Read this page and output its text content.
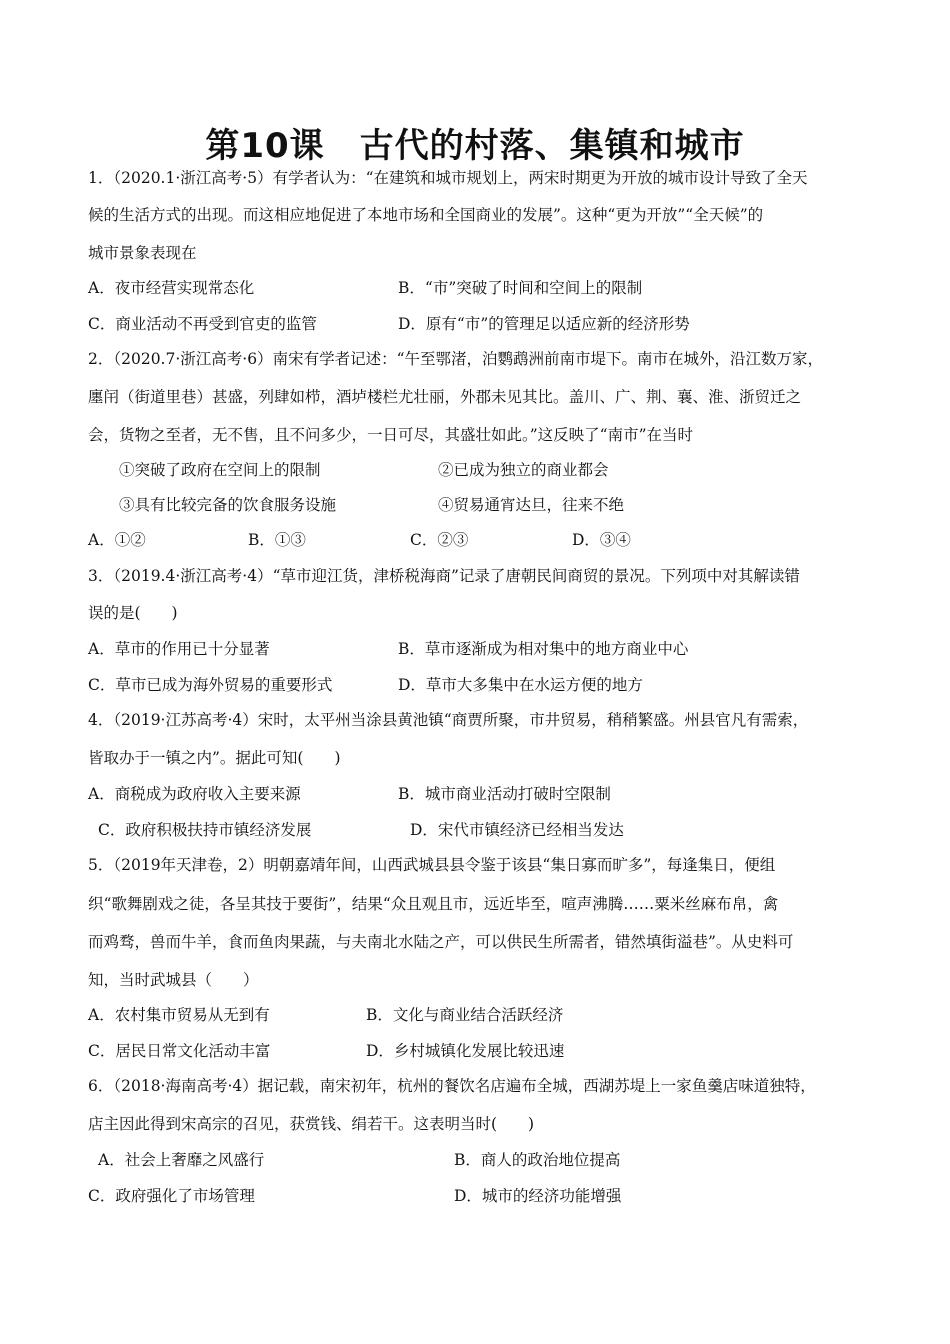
第10课　古代的村落、集镇和城市
1．（2020.1·浙江高考·5）有学者认为：“在建筑和城市规划上，两宋时期更为开放的城市设计导致了全天
候的生活方式的出现。而这相应地促进了本地市场和全国商业的发展”。这种“更为开放”“全天候”的
城市景象表现在
A．夜市经营实现常态化	B．“市”突破了时间和空间上的限制
C．商业活动不再受到官吏的监管	D．原有“市”的管理足以适应新的经济形势
2．（2020.7·浙江高考·6）南宋有学者记述：“午至鄂渚，泊鹦鹉洲前南市堤下。南市在城外，沿江数万家，
廛闬（街道里巷）甚盛，列肆如栉，酒垆楼栏尤壮丽，外郡未见其比。盖川、广、荆、襄、淮、浙贸迁之
会，货物之至者，无不售，且不问多少，一日可尽，其盛壮如此。”这反映了“南市”在当时
①突破了政府在空间上的限制	②已成为独立的商业都会
③具有比较完备的饮食服务设施	④贸易通宵达旦，往来不绝
A．①②	B．①③	C．②③	D．③④
3．（2019.4·浙江高考·4）“草市迎江货，津桥税海商”记录了唐朝民间商贸的景况。下列项中对其解读错
误的是(　　)
A．草市的作用已十分显著	B．草市逐渐成为相对集中的地方商业中心
C．草市已成为海外贸易的重要形式	D．草市大多集中在水运方便的地方
4．（2019·江苏高考·4）宋时，太平州当涂县黄池镇“商贾所聚，市井贸易，稍稍繁盛。州县官凡有需索，
皆取办于一镇之内”。据此可知(　　)
A．商税成为政府收入主要来源	B．城市商业活动打破时空限制
C．政府积极扶持市镇经济发展	D．宋代市镇经济已经相当发达
5．（2019年天津卷，2）明朝嘉靖年间，山西武城县县令鉴于该县“集日寡而旷多”，每逢集日，便组
织“歌舞剧戏之徒，各呈其技于要街”，结果“众且观且市，远近毕至，喧声沸腾……粟米丝麻布帛，禽
而鸡骛，兽而牛羊，食而鱼肉果蔬，与夫南北水陆之产，可以供民生所需者，错然填街溢巷”。从史料可
知，当时武城县（　　）
A．农村集市贸易从无到有	B．文化与商业结合活跃经济
C．居民日常文化活动丰富	D．乡村城镇化发展比较迅速
6．（2018·海南高考·4）据记载，南宋初年，杭州的餐饮名店遍布全城，西湖苏堤上一家鱼羹店味道独特，
店主因此得到宋高宗的召见，获赏钱、绢若干。这表明当时(　　)
A．社会上奢靡之风盛行	B．商人的政治地位提高
C．政府强化了市场管理	D．城市的经济功能增强
